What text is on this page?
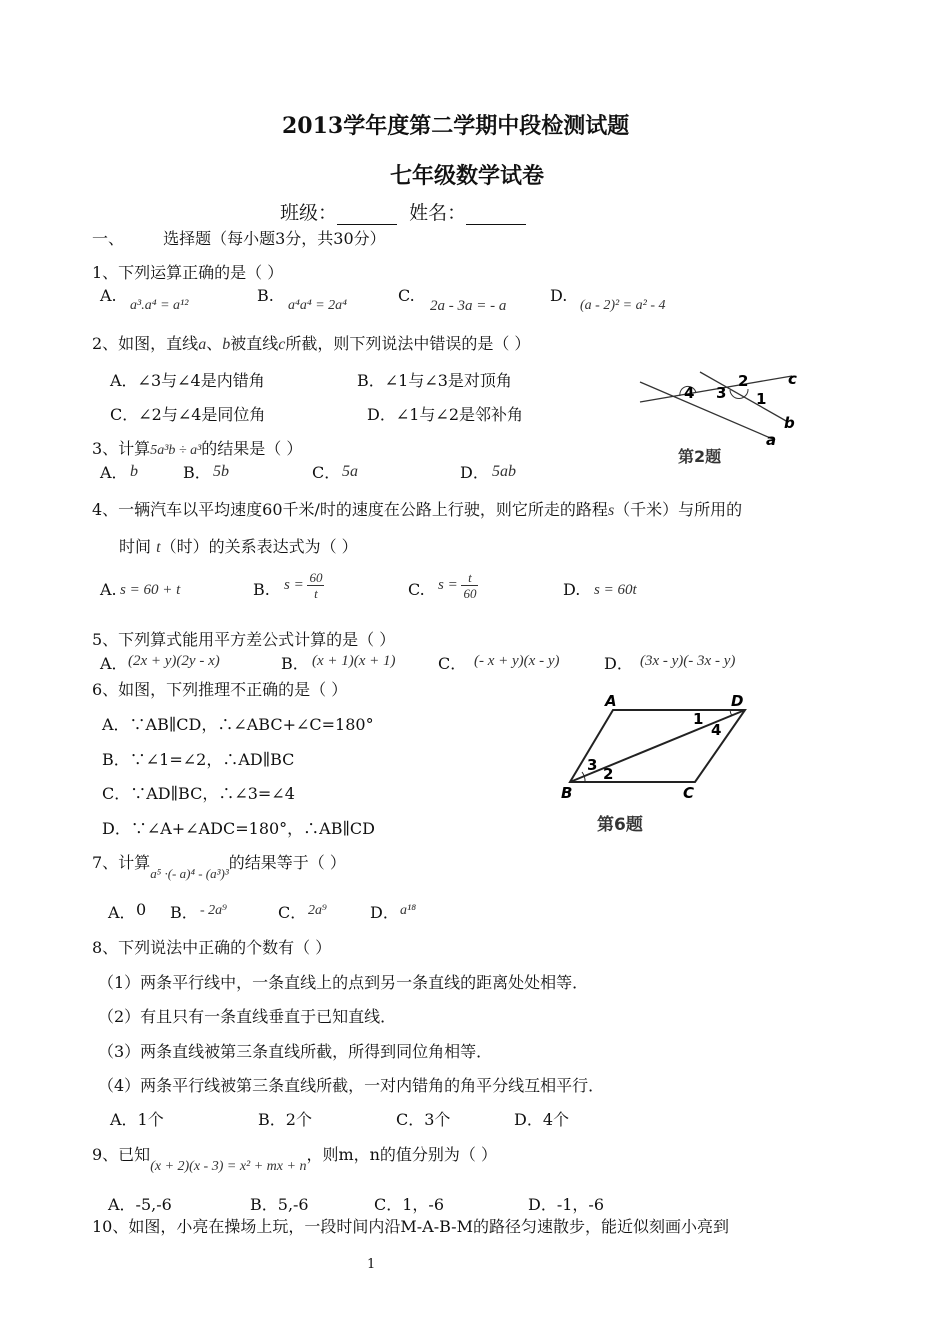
2013学年度第二学期中段检测试题
七年级数学试卷
班级：	姓名：
一、 选择题（每小题3分，共30分）
1、下列运算正确的是（ ）
A.
a³.a⁴ = a¹²
B.
a⁴a⁴ = 2a⁴
C.
2a - 3a = - a
D.
(a - 2)² = a² - 4
2、如图，直线a、b被直线c所截，则下列说法中错误的是（ ）
A．∠3与∠4是内错角	B．∠1与∠3是对顶角
C．∠2与∠4是同位角	D．∠1与∠2是邻补角
4 3
2
1
c
b
a
第2题
3、计算5a³b ÷ a³的结果是（ ）
A． b	B． 5b	C． 5a	D． 5ab
4、一辆汽车以平均速度60千米/时的速度在公路上行驶，则它所走的路程s（千米）与所用的
时间 t（时）的关系表达式为（ ）
A. s = 60 + t	B. $s = \frac{60}{t}$	C. $s = \frac{t}{60}$	D. s = 60t
5、下列算式能用平方差公式计算的是（ ）
A． (2x + y)(2y - x)	B． (x + 1)(x + 1)	C． (- x + y)(x - y)	D． (3x - y)(- 3x - y)
6、如图，下列推理不正确的是（ ）
A．∵AB∥CD，∴∠ABC+∠C=180°
B．∵∠1=∠2，∴AD∥BC
C．∵AD∥BC，∴∠3=∠4
D．∵∠A+∠ADC=180°，∴AB∥CD
A	D
B	C
1
2
3
4
第6题
7、计算$_{a^5 \cdot(- a)^4 - (a^3)^3}$的结果等于（ ）
A． 0 B． - 2a⁹	C． 2a⁹	D． a¹⁸
8、下列说法中正确的个数有（ ）
（1）两条平行线中，一条直线上的点到另一条直线的距离处处相等．
（2）有且只有一条直线垂直于已知直线．
（3）两条直线被第三条直线所截，所得到同位角相等．
（4）两条平行线被第三条直线所截，一对内错角的角平分线互相平行．
A．1个	B．2个	C．3个	D．4个
9、已知(x + 2)(x - 3) = x² + mx + n，则m，n的值分别为（ ）
A．-5,-6	B．5,-6	C．1，-6	D．-1，-6
10、如图，小亮在操场上玩，一段时间内沿M-A-B-M的路径匀速散步，能近似刻画小亮到
1
